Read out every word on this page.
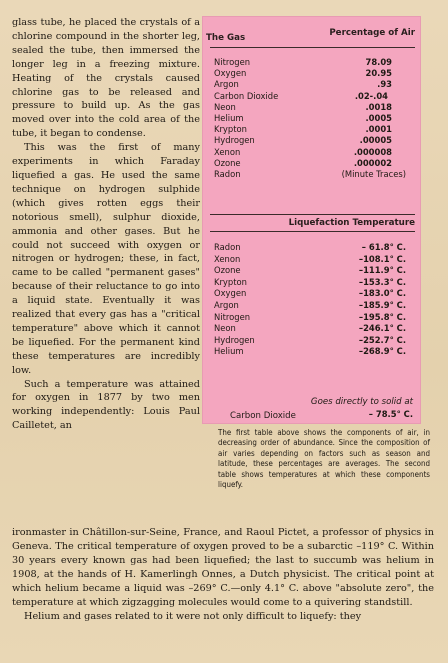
glass tube, he placed the crystals of a chlorine compound in the shorter leg, sealed the tube, then immersed the longer leg in a freezing mixture. Heating of the crystals caused chlorine gas to be released and pressure to build up. As the gas moved over into the cold area of the tube, it began to condense.

This was the first of many experiments in which Faraday liquefied a gas. He used the same technique on hydrogen sulphide (which gives rotten eggs their notorious smell), sulphur dioxide, ammonia and other gases. But he could not succeed with oxygen or nitrogen or hydrogen; these, in fact, came to be called "permanent gases" because of their reluctance to go into a liquid state. Eventually it was realized that every gas has a "critical temperature" above which it cannot be liquefied. For the permanent kind these temperatures are incredibly low.

Such a temperature was attained for oxygen in 1877 by two men working independently: Louis Paul Cailletet, an

The Gas	Percentage of Air
Nitrogen	78.09
Oxygen	20.95
Argon	.93
Carbon Dioxide	.02-.04
Neon	.0018
Helium	.0005
Krypton	.0001
Hydrogen	.00005
Xenon	.000008
Ozone	.000002
Radon	(Minute Traces)
Liquefaction Temperature
Radon	– 61.8° C.
Xenon	–108.1° C.
Ozone	–111.9° C.
Krypton	–153.3° C.
Oxygen	–183.0° C.
Argon	–185.9° C.
Nitrogen	–195.8° C.
Neon	–246.1° C.
Hydrogen	–252.7° C.
Helium	–268.9° C.
Goes directly to solid at
Carbon Dioxide	– 78.5° C.
The first table above shows the components of air, in decreasing order of abundance. Since the composition of air varies depending on factors such as season and latitude, these percentages are averages. The second table shows temperatures at which these components liquefy.

ironmaster in Châtillon-sur-Seine, France, and Raoul Pictet, a professor of physics in Geneva. The critical temperature of oxygen proved to be a subarctic –119° C. Within 30 years every known gas had been liquefied; the last to succumb was helium in 1908, at the hands of H. Kamerlingh Onnes, a Dutch physicist. The critical point at which helium became a liquid was –269° C.—only 4.1° C. above "absolute zero", the temperature at which zigzagging molecules would come to a quivering standstill.

Helium and gases related to it were not only difficult to liquefy: they
